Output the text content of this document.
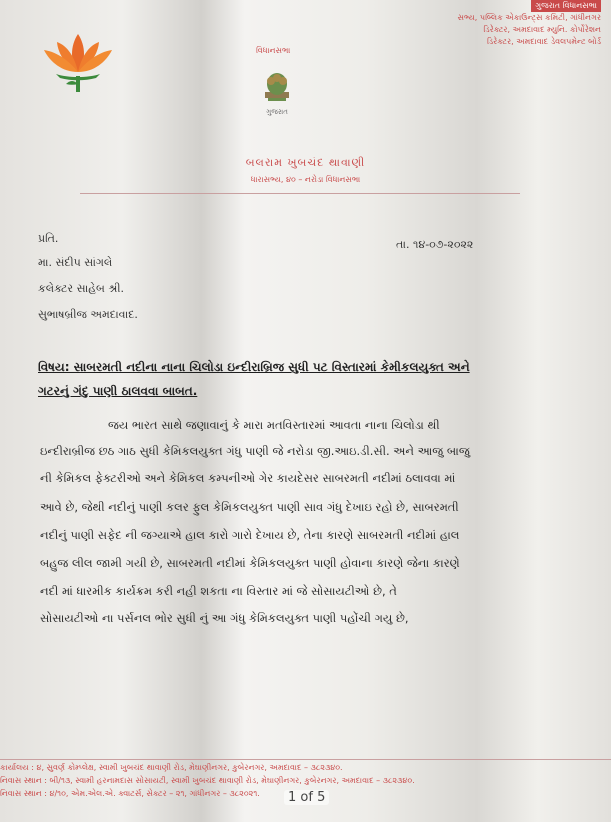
ગુજરાત વિધાનસભા
સભ્ય, પબ્લિક એકાઉન્ટ્સ કમિટી, ગાંધીનગર
ડિરેક્ટર, અમદાવાદ મ્યુનિ. કોર્પોરેશન
ડિરેક્ટર, અમદાવાદ ડેવલપમેન્ટ બોર્ડ
વિધાનસભા
ગુજરાત
બલરામ ખુબચંદ થાવાણી
ધારાસભ્ય, ૪૦ – નરોડા વિધાનસભા
પ્રતિ.
મા. સંદીપ સાંગલે
કલેક્ટર સાહેબ શ્રી.
સુભાષબ્રીજ અમદાવાદ.
તા. ૧૪-૦૭-૨૦૨૨
વિષય: સાબરમતી નદીના નાના ચિલોડા ઇન્દીરાબ્રિજ સુધી પટ વિસ્તારમાં કેમીકલયુક્ત અને
ગટરનું ગંદુ પાણી ઠાલવવા બાબત.
જય ભારત સાથે જણાવાનું કે મારા મતવિસ્તારમાં આવતા નાના ચિલોડા થી
ઇન્દીરાબ્રીજ છઠ ગાઠ સુધી કેમિકલયુક્ત ગંધુ પાણી જે નરોડા જી.આઇ.ડી.સી. અને આજુ બાજુ
ની કેમિકલ ફેક્ટરીઓ અને કેમિકલ કમ્પનીઓ ગેર કાયદેસર સાબરમતી નદીમાં ઠલાવવા માં
આવે છે, જેથી નદીનું પાણી કલર ફુલ કેમિકલયુક્ત પાણી સાવ ગંધુ દેખાઇ રહો છે, સાબરમતી
નદીનું પાણી સફેદ ની જગ્યાએ હાલ કારો ગારો દેખાય છે, તેના કારણે સાબરમતી નદીમાં હાલ
બહુજ લીલ જામી ગયી છે, સાબરમતી નદીમાં કેમિકલયુક્ત પાણી હોવાના કારણે જેના કારણે
નદી માં ધારમીક કાર્યક્રમ કરી નહી શકતા ના વિસ્તાર માં જે સોસાયટીઓ છે, તે
સોસાયટીઓ ના પર્સનલ ભોર સુધી નું આ ગંધુ કેમિકલયુક્ત પાણી પહોંચી ગયુ છે,
કાર્યાલય : ૪, સુવર્ણ કોમ્પ્લેક્ષ, સ્વામી ખુબચંદ થાવાણી રોડ, મેઘાણીનગર, કુબેરનગર, અમદાવાદ – ૩૮૨૩૪૦.
નિવાસ સ્થાન : બી/૧૩, સ્વામી હરનામદાસ સોસાયટી, સ્વામી ખુબચંદ થાવાણી રોડ, મેઘાણીનગર, કુબેરનગર, અમદાવાદ – ૩૮૨૩૪૦.
નિવાસ સ્થાન : ૪/૧૦, એમ.એલ.એ. ક્વાટર્સ, સેક્ટર – ૨૧, ગાંધીનગર – ૩૮૨૦૨૧.	1 of 5
